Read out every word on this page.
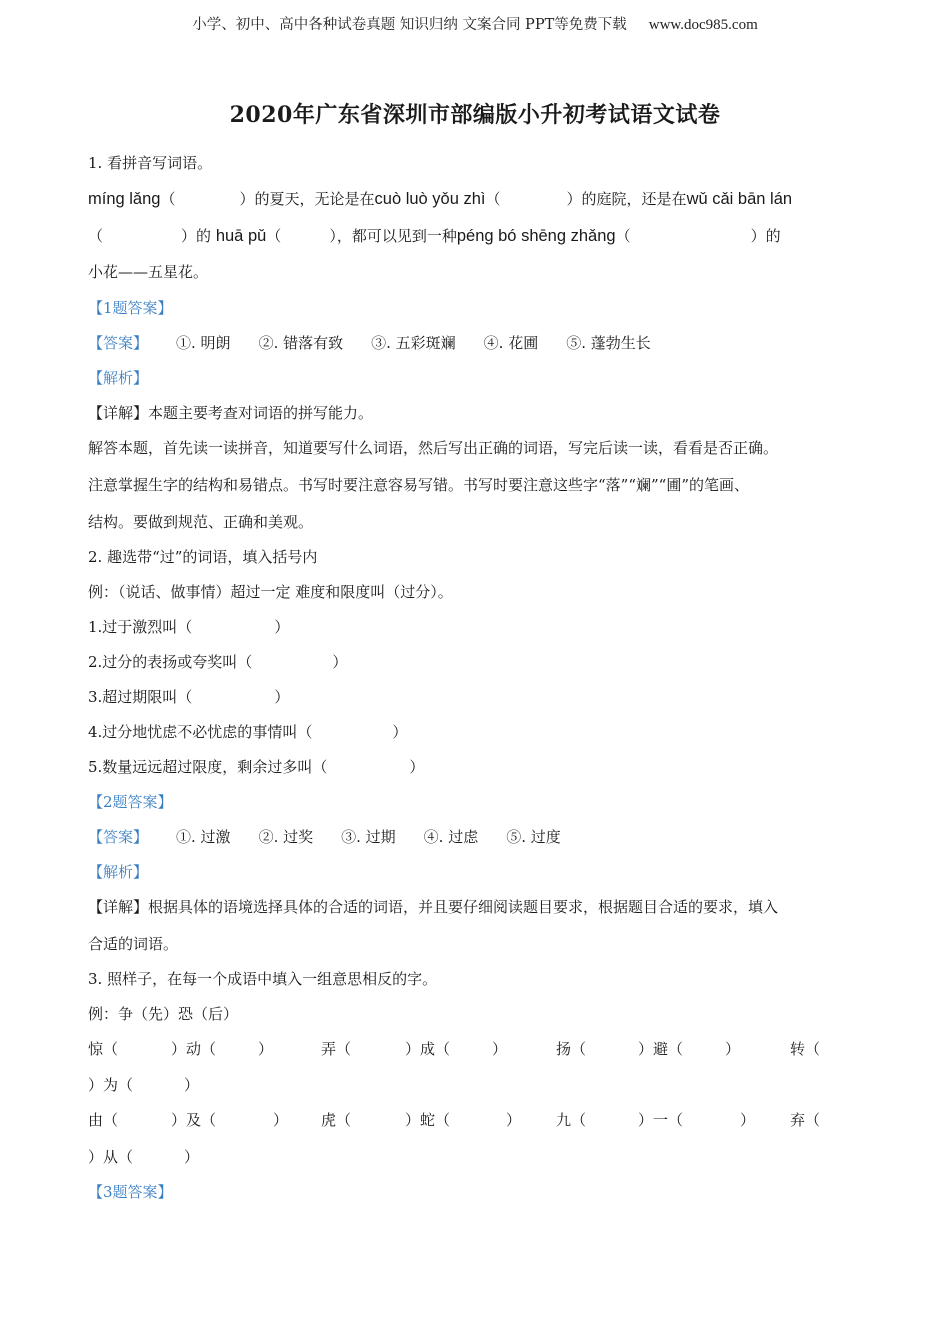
小学、初中、高中各种试卷真题 知识归纳 文案合同 PPT等免费下载 www.doc985.com
2020年广东省深圳市部编版小升初考试语文试卷
1. 看拼音写词语。
míng lǎng（	）的夏天，无论是在cuò luò yǒu zhì（	）的庭院，还是在wǔ cǎi bān lán
（	）的 huā pǔ（	），都可以见到一种péng bó shēng zhǎng（	）的
小花——五星花。
【1题答案】
【答案】 ①. 明朗 ②. 错落有致 ③. 五彩斑斓 ④. 花圃 ⑤. 蓬勃生长
【解析】
【详解】本题主要考查对词语的拼写能力。
解答本题，首先读一读拼音，知道要写什么词语，然后写出正确的词语，写完后读一读，看看是否正确。
注意掌握生字的结构和易错点。书写时要注意容易写错。书写时要注意这些字“落”“斓”“圃”的笔画、
结构。要做到规范、正确和美观。
2. 趣选带“过”的词语，填入括号内
例：（说话、做事情）超过一定 难度和限度叫（过分）。
1.过于激烈叫（	）
2.过分的表扬或夸奖叫（	）
3.超过期限叫（	）
4.过分地忧虑不必忧虑的事情叫（	）
5.数量远远超过限度，剩余过多叫（	）
【2题答案】
【答案】 ①. 过激 ②. 过奖 ③. 过期 ④. 过虑 ⑤. 过度
【解析】
【详解】根据具体的语境选择具体的合适的词语，并且要仔细阅读题目要求，根据题目合适的要求，填入
合适的词语。
3. 照样子，在每一个成语中填入一组意思相反的字。
例：争（先）恐（后）
惊（	）动（	）	弄（	）成（	）	扬（	）避（	）	转（
）为（	）
由（	）及（	） 虎（	）蛇（	） 九（	）一（	） 弃（
）从（	）
【3题答案】
